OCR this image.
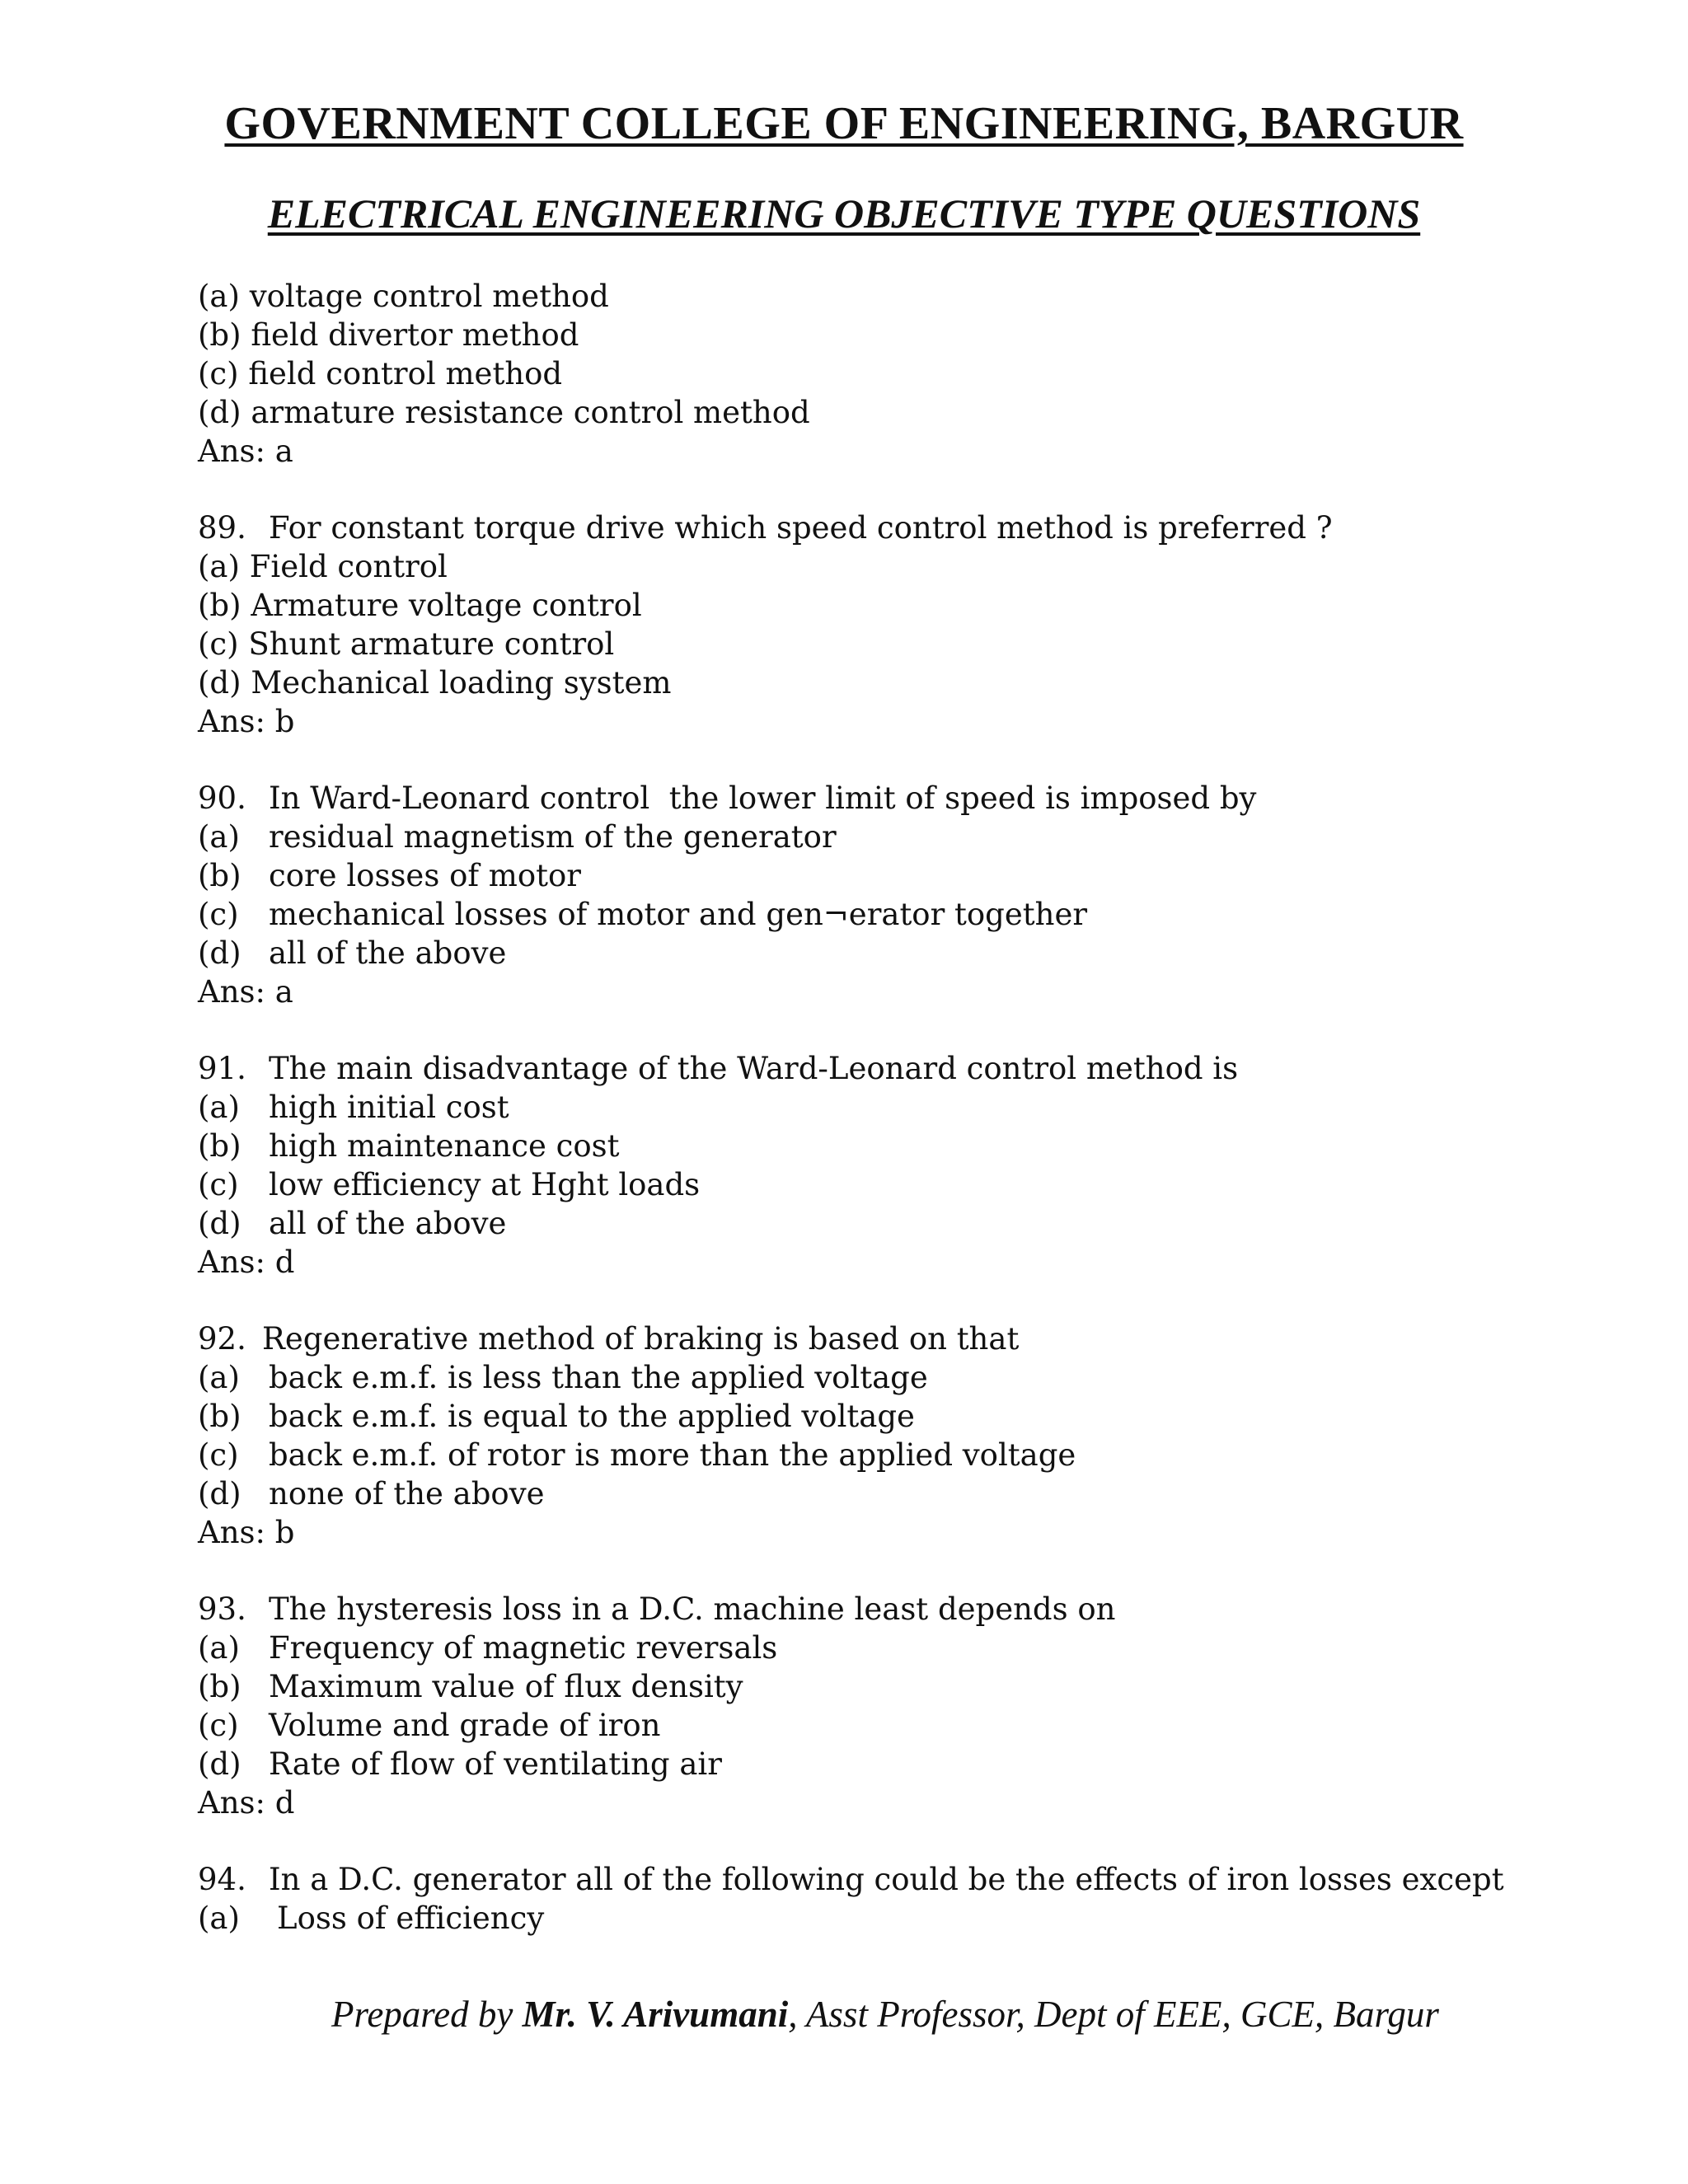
GOVERNMENT COLLEGE OF ENGINEERING, BARGUR
ELECTRICAL ENGINEERING OBJECTIVE TYPE QUESTIONS
(a) voltage control method
(b) field divertor method
(c) field control method
(d) armature resistance control method
Ans: a
89. For constant torque drive which speed control method is preferred ?
(a) Field control
(b) Armature voltage control
(c) Shunt armature control
(d) Mechanical loading system
Ans: b
90. In Ward-Leonard control  the lower limit of speed is imposed by
(a) residual magnetism of the generator
(b) core losses of motor
(c) mechanical losses of motor and gen¬erator together
(d) all of the above
Ans: a
91. The main disadvantage of the Ward-Leonard control method is
(a) high initial cost
(b) high maintenance cost
(c) low efficiency at Hght loads
(d) all of the above
Ans: d
92. Regenerative method of braking is based on that
(a) back e.m.f. is less than the applied voltage
(b) back e.m.f. is equal to the applied voltage
(c) back e.m.f. of rotor is more than the applied voltage
(d) none of the above
Ans: b
93. The hysteresis loss in a D.C. machine least depends on
(a) Frequency of magnetic reversals
(b) Maximum value of flux density
(c) Volume and grade of iron
(d) Rate of flow of ventilating air
Ans: d
94. In a D.C. generator all of the following could be the effects of iron losses except
(a) Loss of efficiency
Prepared by Mr. V. Arivumani, Asst Professor, Dept of EEE, GCE, Bargur
